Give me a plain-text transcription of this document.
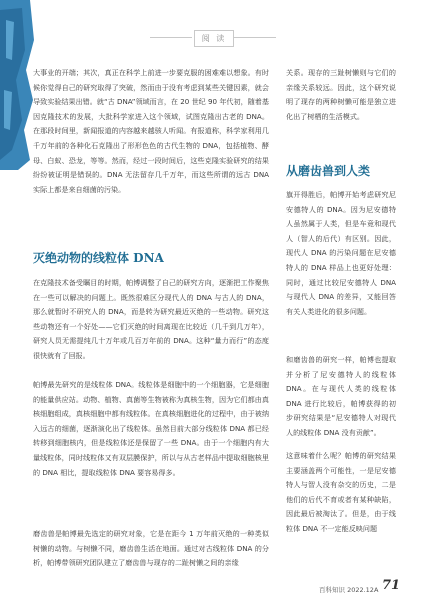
阅 读

大事业的开端；其次，真正在科学上前进一步要克服的困难难以想象。有时候你觉得自己的研究取得了突破，然而由于没有考虑到某些关键因素，就会导致实验结果出错。就“古 DNA”领域而言，在 20 世纪 90 年代初，随着基因克隆技术的发展，大批科学家进入这个领域，试图克隆出古老的 DNA。在那段时间里，新闻报道的内容越来越骇人听闻。有报道称，科学家利用几千万年前的各种化石克隆出了形形色色的古代生物的 DNA，包括植物、酵母、白蚁、恐龙，等等。然而，经过一段时间后，这些克隆实验研究的结果纷纷被证明是错误的。DNA 无法留存几千万年，而这些所谓的远古 DNA 实际上都是来自细菌的污染。

灭绝动物的线粒体 DNA

在克隆技术备受瞩目的时期，帕博调整了自己的研究方向，逐渐把工作聚焦在一些可以解决的问题上。既然很难区分现代人的 DNA 与古人的 DNA，那么就暂时不研究人的 DNA，而是转为研究最近灭绝的一些动物。研究这些动物还有一个好处——它们灭绝的时间离现在比较近（几千到几万年），研究人员无需提纯几十万年或几百万年前的 DNA。这种“量力而行”的态度很快就有了回报。

帕博最先研究的是线粒体 DNA。线粒体是细胞中的一个细胞器，它是细胞的能量供应站。动物、植物、真菌等生物被称为真核生物，因为它们都由真核细胞组成，真核细胞中都有线粒体。在真核细胞进化的过程中，由于被纳入远古的细菌，逐渐演化出了线粒体。虽然目前大部分线粒体 DNA 都已经转移到细胞核内，但是线粒体还是保留了一些 DNA。由于一个细胞内有大量线粒体，同时线粒体又有双层膜保护，所以与从古老样品中提取细胞核里的 DNA 相比，提取线粒体 DNA 要容易得多。

磨齿兽是帕博最先选定的研究对象，它是在距今 1 万年前灭绝的一种类似树懒的动物。与树懒不同，磨齿兽生活在地面。通过对古线粒体 DNA 的分析，帕博带领研究团队建立了磨齿兽与现存的二趾树懒之间的亲缘

关系。现存的三趾树懒则与它们的亲缘关系较远。因此，这个研究说明了现存的两种树懒可能是独立进化出了树栖的生活模式。

从磨齿兽到人类

旗开得胜后，帕博开始考虑研究尼安德特人的 DNA。因为尼安德特人虽然属于人类，但是车竟和现代人（智人的后代）有区别。因此，现代人 DNA 的污染问题在尼安德特人的 DNA 样品上也更好处理：同时，通过比较尼安德特人 DNA 与现代人 DNA 的差异，又能回答有关人类进化的很多问题。

和磨齿兽的研究一样，帕博也提取并分析了尼安德特人的线粒体 DNA。在与现代人类的线粒体 DNA 进行比较后，帕博获得的初步研究结果是“尼安德特人对现代人的线粒体 DNA 没有贡献”。

这意味着什么呢？帕博的研究结果主要涵盖两个可能性，一是尼安德特人与智人没有杂交的历史，二是他们的后代不育或者有某种缺陷，因此最后被淘汰了。但是，由于线粒体 DNA 不一定能反映问题

百科知识 2022.12A 71
